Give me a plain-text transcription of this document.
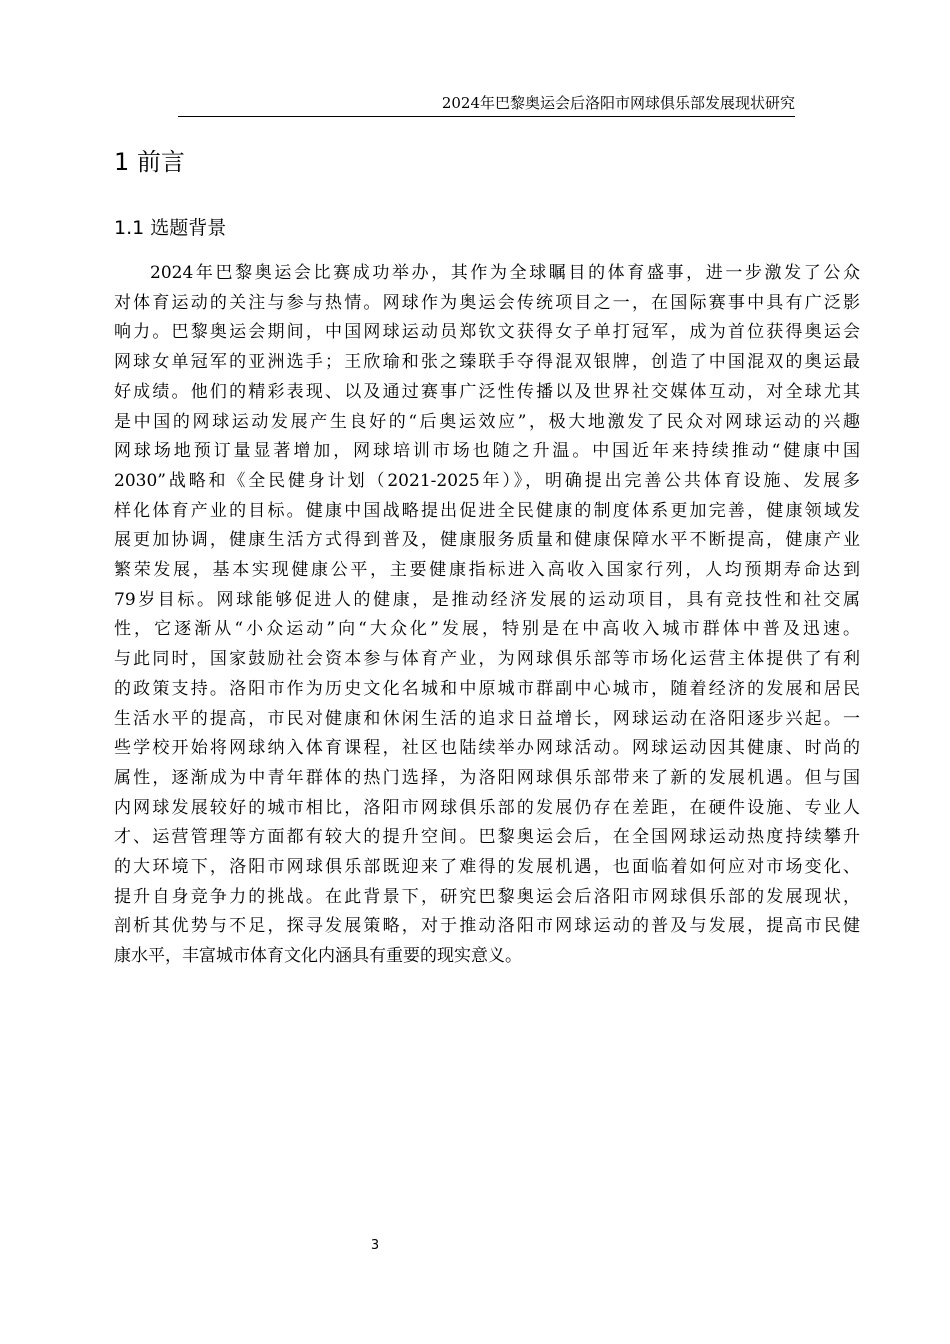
2024年巴黎奥运会后洛阳市网球俱乐部发展现状研究
1 前言
1.1 选题背景
2024年巴黎奥运会比赛成功举办，其作为全球瞩目的体育盛事，进一步激发了公众
对体育运动的关注与参与热情。网球作为奥运会传统项目之一，在国际赛事中具有广泛影
响力。巴黎奥运会期间，中国网球运动员郑钦文获得女子单打冠军，成为首位获得奥运会
网球女单冠军的亚洲选手；王欣瑜和张之臻联手夺得混双银牌，创造了中国混双的奥运最
好成绩。他们的精彩表现、以及通过赛事广泛性传播以及世界社交媒体互动，对全球尤其
是中国的网球运动发展产生良好的“后奥运效应”，极大地激发了民众对网球运动的兴趣
网球场地预订量显著增加，网球培训市场也随之升温。中国近年来持续推动“健康中国
2030”战略和《全民健身计划（2021-2025年）》，明确提出完善公共体育设施、发展多
样化体育产业的目标。健康中国战略提出促进全民健康的制度体系更加完善，健康领域发
展更加协调，健康生活方式得到普及，健康服务质量和健康保障水平不断提高，健康产业
繁荣发展，基本实现健康公平，主要健康指标进入高收入国家行列，人均预期寿命达到
79岁目标。网球能够促进人的健康，是推动经济发展的运动项目，具有竞技性和社交属
性，它逐渐从“小众运动”向“大众化”发展，特别是在中高收入城市群体中普及迅速。
与此同时，国家鼓励社会资本参与体育产业，为网球俱乐部等市场化运营主体提供了有利
的政策支持。洛阳市作为历史文化名城和中原城市群副中心城市，随着经济的发展和居民
生活水平的提高，市民对健康和休闲生活的追求日益增长，网球运动在洛阳逐步兴起。一
些学校开始将网球纳入体育课程，社区也陆续举办网球活动。网球运动因其健康、时尚的
属性，逐渐成为中青年群体的热门选择，为洛阳网球俱乐部带来了新的发展机遇。但与国
内网球发展较好的城市相比，洛阳市网球俱乐部的发展仍存在差距，在硬件设施、专业人
才、运营管理等方面都有较大的提升空间。巴黎奥运会后，在全国网球运动热度持续攀升
的大环境下，洛阳市网球俱乐部既迎来了难得的发展机遇，也面临着如何应对市场变化、
提升自身竞争力的挑战。在此背景下，研究巴黎奥运会后洛阳市网球俱乐部的发展现状，
剖析其优势与不足，探寻发展策略，对于推动洛阳市网球运动的普及与发展，提高市民健
康水平，丰富城市体育文化内涵具有重要的现实意义。
3
